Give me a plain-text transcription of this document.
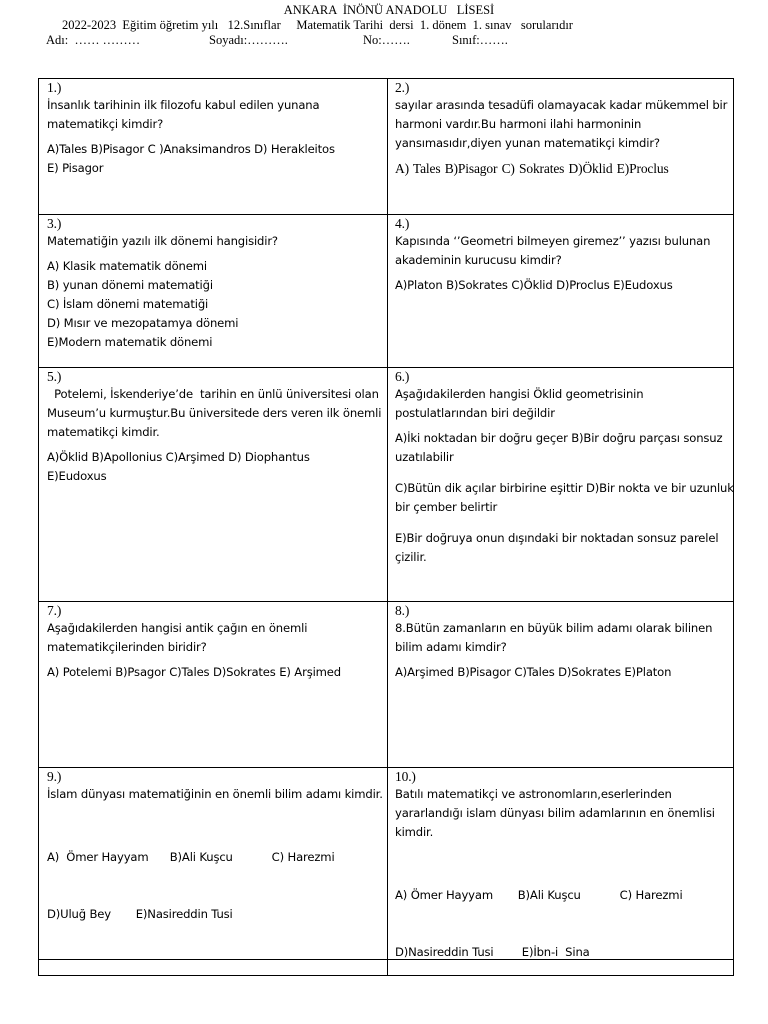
ANKARA  İNÖNÜ ANADOLU   LİSESİ
2022-2023  Eğitim öğretim yılı   12.Sınıflar     Matematik Tarihi  dersi  1. dönem  1. sınav   sorularıdır

Adı:  …… ………

	Soyadı:……….

	No:…….

	Sınıf:…….

1.)
İnsanlık tarihinin ilk filozofu kabul edilen yunana matematikçi kimdir?
A)Tales B)Pisagor C )Anaksimandros D) Herakleitos
E) Pisagor
2.)
sayılar arasında tesadüfi olamayacak kadar mükemmel bir harmoni vardır.Bu harmoni ilahi harmoninin yansımasıdır,diyen yunan matematikçi kimdir?
A) Tales B)Pisagor C) Sokrates D)Öklid E)Proclus
3.)
Matematiğin yazılı ilk dönemi hangisidir?
A) Klasik matematik dönemi
B) yunan dönemi matematiği
C) İslam dönemi matematiği
D) Mısır ve mezopatamya dönemi
E)Modern matematik dönemi
4.)
Kapısında ‘’Geometri bilmeyen giremez’’ yazısı bulunan akademinin kurucusu kimdir?
A)Platon B)Sokrates C)Öklid D)Proclus E)Eudoxus
5.)
Potelemi, İskenderiye’de  tarihin en ünlü üniversitesi olan Museum’u kurmuştur.Bu üniversitede ders veren ilk önemli matematikçi kimdir.
A)Öklid B)Apollonius C)Arşimed D) Diophantus
E)Eudoxus
6.)
Aşağıdakilerden hangisi Öklid geometrisinin postulatlarından biri değildir
A)İki noktadan bir doğru geçer B)Bir doğru parçası sonsuz uzatılabilir
C)Bütün dik açılar birbirine eşittir D)Bir nokta ve bir uzunluk bir çember belirtir
E)Bir doğruya onun dışındaki bir noktadan sonsuz parelel çizilir.
7.)
Aşağıdakilerden hangisi antik çağın en önemli matematikçilerinden biridir?
A) Potelemi B)Psagor C)Tales D)Sokrates E) Arşimed
8.)
8.Bütün zamanların en büyük bilim adamı olarak bilinen bilim adamı kimdir?
A)Arşimed B)Pisagor C)Tales D)Sokrates E)Platon
9.)
İslam dünyası matematiğinin en önemli bilim adamı kimdir.

A)  Ömer Hayyam      B)Ali Kuşcu           C) Harezmi

D)Uluğ Bey       E)Nasireddin Tusi

10.)
Batılı matematikçi ve astronomların,eserlerinden yararlandığı islam dünyası bilim adamlarının en önemlisi kimdir.

A) Ömer Hayyam       B)Ali Kuşcu           C) Harezmi

D)Nasireddin Tusi        E)İbn-i  Sina
